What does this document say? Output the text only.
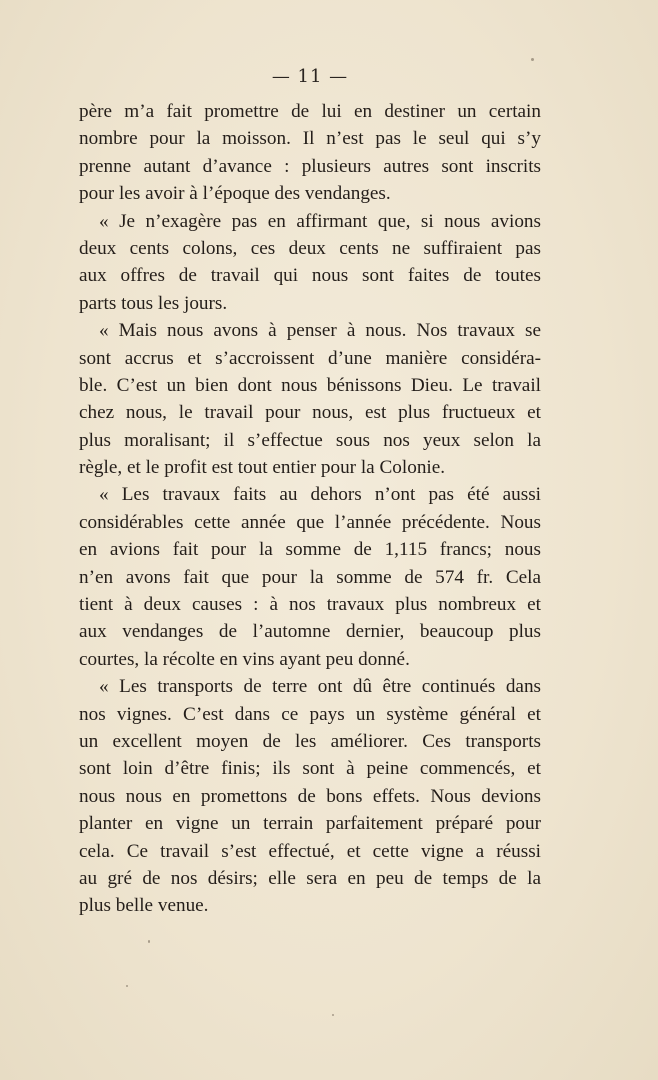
— 11 —
père m’a fait promettre de lui en destiner un certain
nombre pour la moisson. Il n’est pas le seul qui s’y
prenne autant d’avance : plusieurs autres sont inscrits
pour les avoir à l’époque des vendanges.
« Je n’exagère pas en affirmant que, si nous avions
deux cents colons, ces deux cents ne suffiraient pas
aux offres de travail qui nous sont faites de toutes
parts tous les jours.
« Mais nous avons à penser à nous. Nos travaux se
sont accrus et s’accroissent d’une manière considéra-
ble. C’est un bien dont nous bénissons Dieu. Le travail
chez nous, le travail pour nous, est plus fructueux et
plus moralisant; il s’effectue sous nos yeux selon la
règle, et le profit est tout entier pour la Colonie.
« Les travaux faits au dehors n’ont pas été aussi
considérables cette année que l’année précédente. Nous
en avions fait pour la somme de 1,115 francs; nous
n’en avons fait que pour la somme de 574 fr. Cela
tient à deux causes : à nos travaux plus nombreux et
aux vendanges de l’automne dernier, beaucoup plus
courtes, la récolte en vins ayant peu donné.
« Les transports de terre ont dû être continués dans
nos vignes. C’est dans ce pays un système général et
un excellent moyen de les améliorer. Ces transports
sont loin d’être finis; ils sont à peine commencés, et
nous nous en promettons de bons effets. Nous devions
planter en vigne un terrain parfaitement préparé pour
cela. Ce travail s’est effectué, et cette vigne a réussi
au gré de nos désirs; elle sera en peu de temps de la
plus belle venue.
